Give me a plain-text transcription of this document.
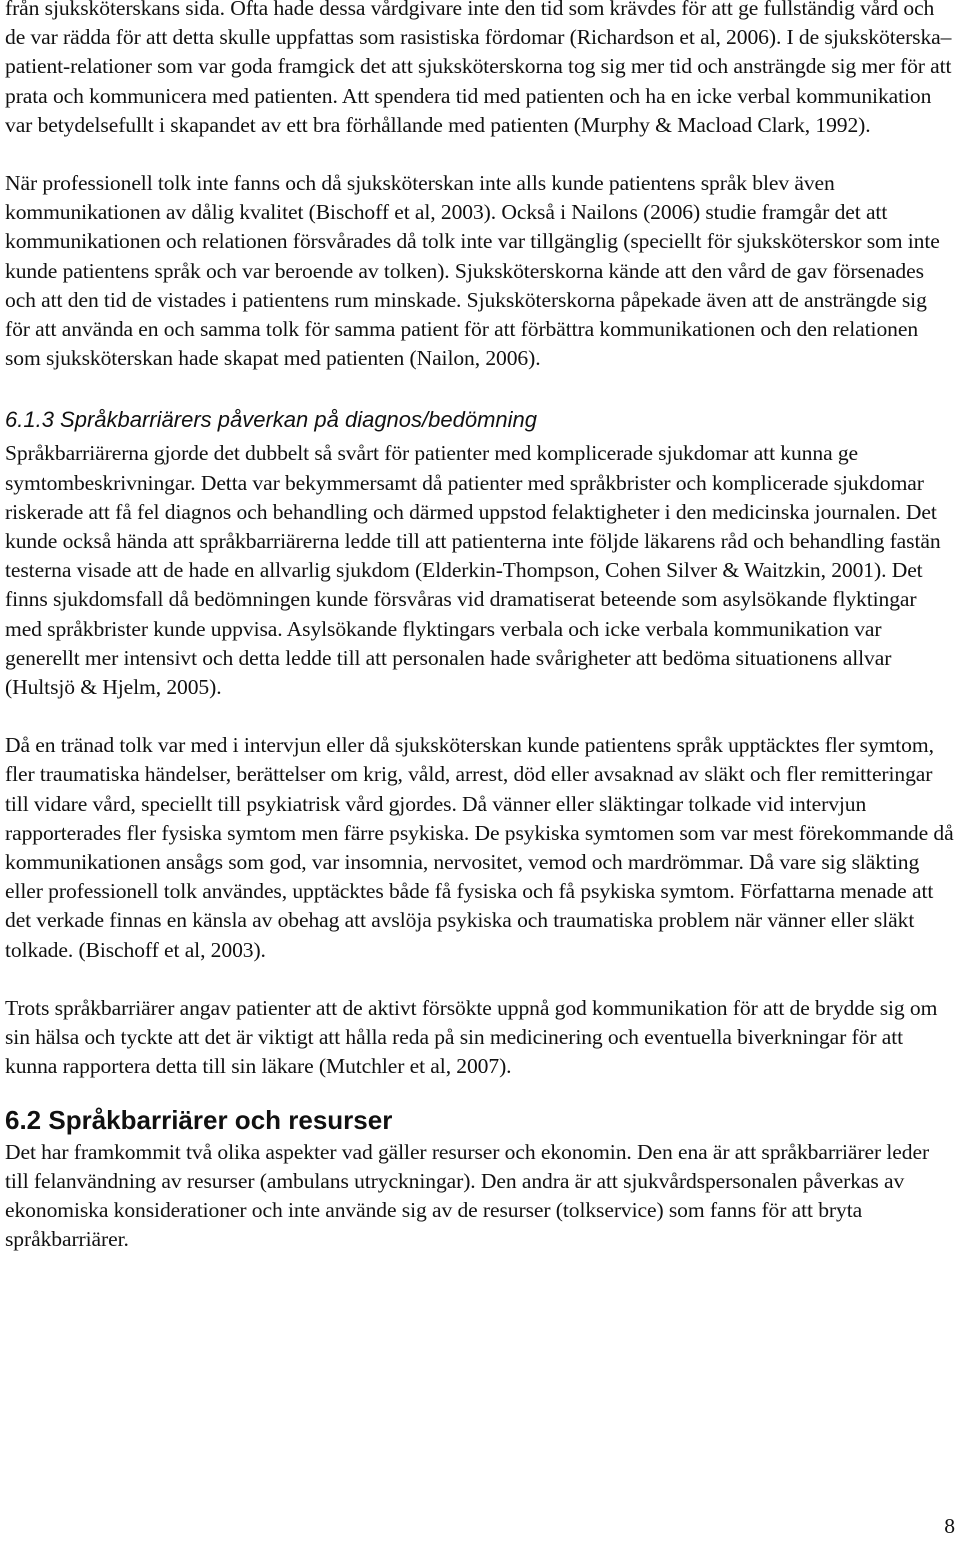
från sjuksköterskans sida. Ofta hade dessa vårdgivare inte den tid som krävdes för att ge fullständig vård och de var rädda för att detta skulle uppfattas som rasistiska fördomar (Richardson et al, 2006). I de sjuksköterska–patient-relationer som var goda framgick det att sjuksköterskorna tog sig mer tid och ansträngde sig mer för att prata och kommunicera med patienten. Att spendera tid med patienten och ha en icke verbal kommunikation var betydelsefullt i skapandet av ett bra förhållande med patienten (Murphy & Macload Clark, 1992).

När professionell tolk inte fanns och då sjuksköterskan inte alls kunde patientens språk blev även kommunikationen av dålig kvalitet (Bischoff et al, 2003). Också i Nailons (2006) studie framgår det att kommunikationen och relationen försvårades då tolk inte var tillgänglig (speciellt för sjuksköterskor som inte kunde patientens språk och var beroende av tolken). Sjuksköterskorna kände att den vård de gav försenades och att den tid de vistades i patientens rum minskade. Sjuksköterskorna påpekade även att de ansträngde sig för att använda en och samma tolk för samma patient för att förbättra kommunikationen och den relationen som sjuksköterskan hade skapat med patienten (Nailon, 2006).

6.1.3 Språkbarriärers påverkan på diagnos/bedömning

Språkbarriärerna gjorde det dubbelt så svårt för patienter med komplicerade sjukdomar att kunna ge symtombeskrivningar. Detta var bekymmersamt då patienter med språkbrister och komplicerade sjukdomar riskerade att få fel diagnos och behandling och därmed uppstod felaktigheter i den medicinska journalen. Det kunde också hända att språkbarriärerna ledde till att patienterna inte följde läkarens råd och behandling fastän testerna visade att de hade en allvarlig sjukdom (Elderkin-Thompson, Cohen Silver & Waitzkin, 2001). Det finns sjukdomsfall då bedömningen kunde försvåras vid dramatiserat beteende som asylsökande flyktingar med språkbrister kunde uppvisa. Asylsökande flyktingars verbala och icke verbala kommunikation var generellt mer intensivt och detta ledde till att personalen hade svårigheter att bedöma situationens allvar (Hultsjö & Hjelm, 2005).

Då en tränad tolk var med i intervjun eller då sjuksköterskan kunde patientens språk upptäcktes fler symtom, fler traumatiska händelser, berättelser om krig, våld, arrest, död eller avsaknad av släkt och fler remitteringar till vidare vård, speciellt till psykiatrisk vård gjordes. Då vänner eller släktingar tolkade vid intervjun rapporterades fler fysiska symtom men färre psykiska. De psykiska symtomen som var mest förekommande då kommunikationen ansågs som god, var insomnia, nervositet, vemod och mardrömmar. Då vare sig släkting eller professionell tolk användes, upptäcktes både få fysiska och få psykiska symtom. Författarna menade att det verkade finnas en känsla av obehag att avslöja psykiska och traumatiska problem när vänner eller släkt tolkade. (Bischoff et al, 2003).

Trots språkbarriärer angav patienter att de aktivt försökte uppnå god kommunikation för att de brydde sig om sin hälsa och tyckte att det är viktigt att hålla reda på sin medicinering och eventuella biverkningar för att kunna rapportera detta till sin läkare (Mutchler et al, 2007).

6.2 Språkbarriärer och resurser

Det har framkommit två olika aspekter vad gäller resurser och ekonomin. Den ena är att språkbarriärer leder till felanvändning av resurser (ambulans utryckningar). Den andra är att sjukvårdspersonalen påverkas av ekonomiska konsiderationer och inte använde sig av de resurser (tolkservice) som fanns för att bryta språkbarriärer.

8
